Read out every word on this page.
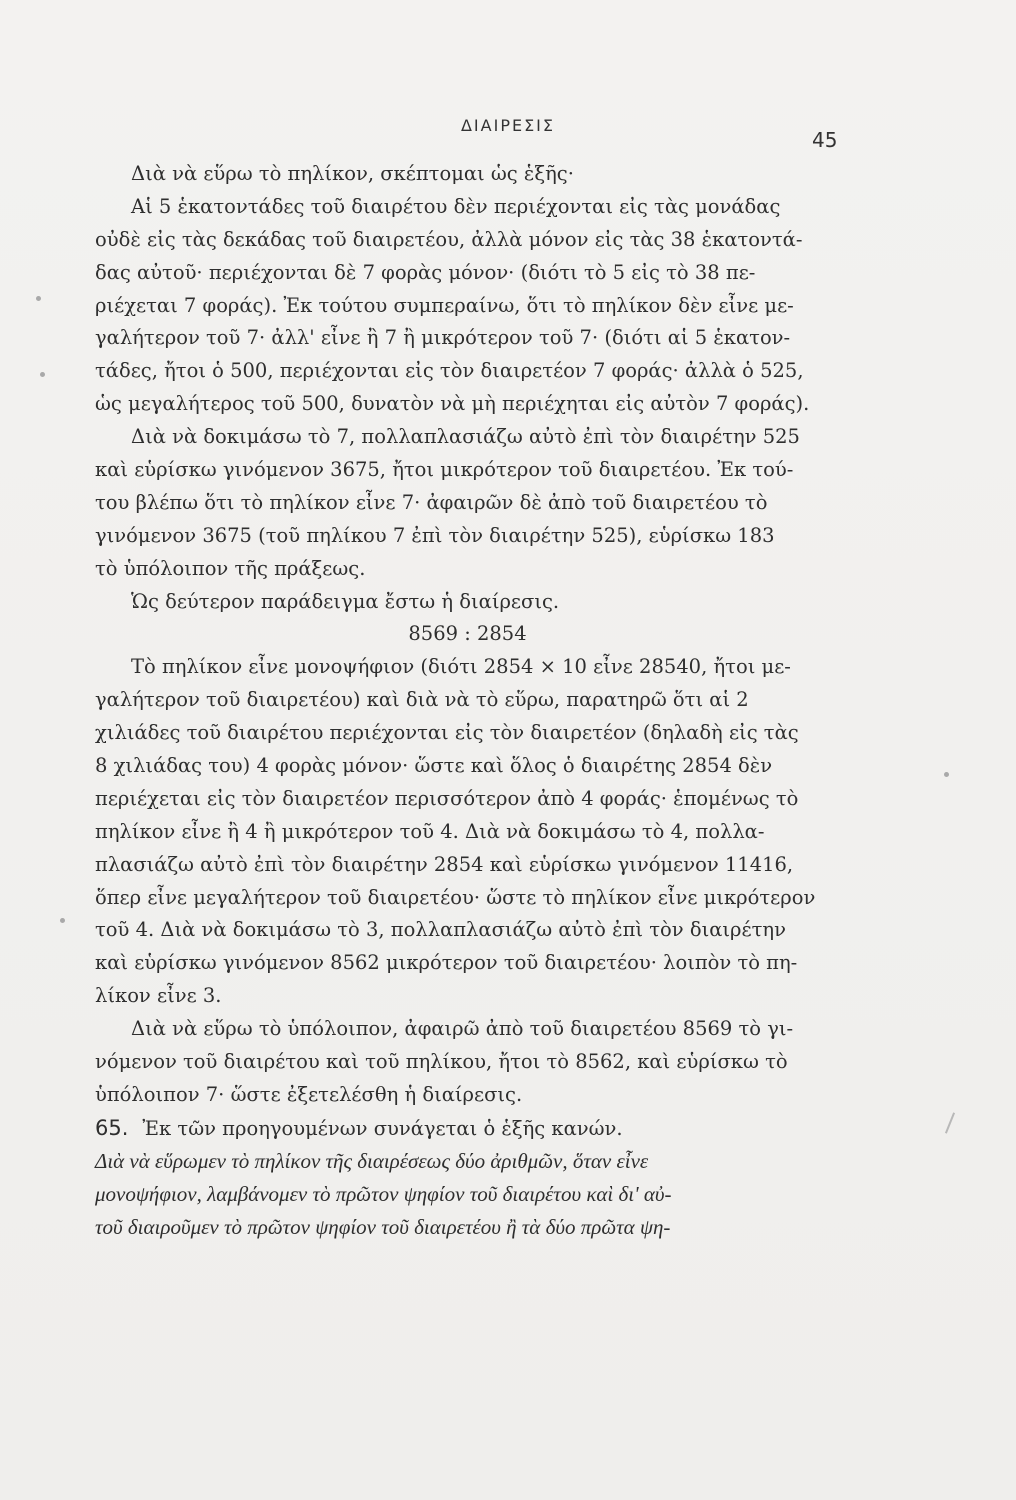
ΔΙΑΙΡΕΣΙΣ
45
Διὰ νὰ εὕρω τὸ πηλίκον, σκέπτομαι ὡς ἑξῆς·
Αἱ 5 ἑκατοντάδες τοῦ διαιρέτου δὲν περιέχονται εἰς τὰς μονάδας
οὐδὲ εἰς τὰς δεκάδας τοῦ διαιρετέου, ἀλλὰ μόνον εἰς τὰς 38 ἑκατοντά-
δας αὐτοῦ· περιέχονται δὲ 7 φορὰς μόνον· (διότι τὸ 5 εἰς τὸ 38 πε-
ριέχεται 7 φοράς). Ἐκ τούτου συμπεραίνω, ὅτι τὸ πηλίκον δὲν εἶνε με-
γαλήτερον τοῦ 7· ἀλλ' εἶνε ἢ 7 ἢ μικρότερον τοῦ 7· (διότι αἱ 5 ἑκατον-
τάδες, ἤτοι ὁ 500, περιέχονται εἰς τὸν διαιρετέον 7 φοράς· ἀλλὰ ὁ 525,
ὡς μεγαλήτερος τοῦ 500, δυνατὸν νὰ μὴ περιέχηται εἰς αὐτὸν 7 φοράς).
Διὰ νὰ δοκιμάσω τὸ 7, πολλαπλασιάζω αὐτὸ ἐπὶ τὸν διαιρέτην 525
καὶ εὑρίσκω γινόμενον 3675, ἤτοι μικρότερον τοῦ διαιρετέου. Ἐκ τού-
του βλέπω ὅτι τὸ πηλίκον εἶνε 7· ἀφαιρῶν δὲ ἀπὸ τοῦ διαιρετέου τὸ
γινόμενον 3675 (τοῦ πηλίκου 7 ἐπὶ τὸν διαιρέτην 525), εὑρίσκω 183
τὸ ὑπόλοιπον τῆς πράξεως.
Ὡς δεύτερον παράδειγμα ἔστω ἡ διαίρεσις.
8569 : 2854
Τὸ πηλίκον εἶνε μονοψήφιον (διότι 2854 × 10 εἶνε 28540, ἤτοι με-
γαλήτερον τοῦ διαιρετέου) καὶ διὰ νὰ τὸ εὕρω, παρατηρῶ ὅτι αἱ 2
χιλιάδες τοῦ διαιρέτου περιέχονται εἰς τὸν διαιρετέον (δηλαδὴ εἰς τὰς
8 χιλιάδας του) 4 φορὰς μόνον· ὥστε καὶ ὅλος ὁ διαιρέτης 2854 δὲν
περιέχεται εἰς τὸν διαιρετέον περισσότερον ἀπὸ 4 φοράς· ἑπομένως τὸ
πηλίκον εἶνε ἢ 4 ἢ μικρότερον τοῦ 4. Διὰ νὰ δοκιμάσω τὸ 4, πολλα-
πλασιάζω αὐτὸ ἐπὶ τὸν διαιρέτην 2854 καὶ εὑρίσκω γινόμενον 11416,
ὅπερ εἶνε μεγαλήτερον τοῦ διαιρετέου· ὥστε τὸ πηλίκον εἶνε μικρότερον
τοῦ 4. Διὰ νὰ δοκιμάσω τὸ 3, πολλαπλασιάζω αὐτὸ ἐπὶ τὸν διαιρέτην
καὶ εὑρίσκω γινόμενον 8562 μικρότερον τοῦ διαιρετέου· λοιπὸν τὸ πη-
λίκον εἶνε 3.
Διὰ νὰ εὕρω τὸ ὑπόλοιπον, ἀφαιρῶ ἀπὸ τοῦ διαιρετέου 8569 τὸ γι-
νόμενον τοῦ διαιρέτου καὶ τοῦ πηλίκου, ἤτοι τὸ 8562, καὶ εὑρίσκω τὸ
ὑπόλοιπον 7· ὥστε ἐξετελέσθη ἡ διαίρεσις.
65. Ἐκ τῶν προηγουμένων συνάγεται ὁ ἑξῆς κανών.
Διὰ νὰ εὕρωμεν τὸ πηλίκον τῆς διαιρέσεως δύο ἀριθμῶν, ὅταν εἶνε
μονοψήφιον, λαμβάνομεν τὸ πρῶτον ψηφίον τοῦ διαιρέτου καὶ δι' αὐ-
τοῦ διαιροῦμεν τὸ πρῶτον ψηφίον τοῦ διαιρετέου ἢ τὰ δύο πρῶτα ψη-
